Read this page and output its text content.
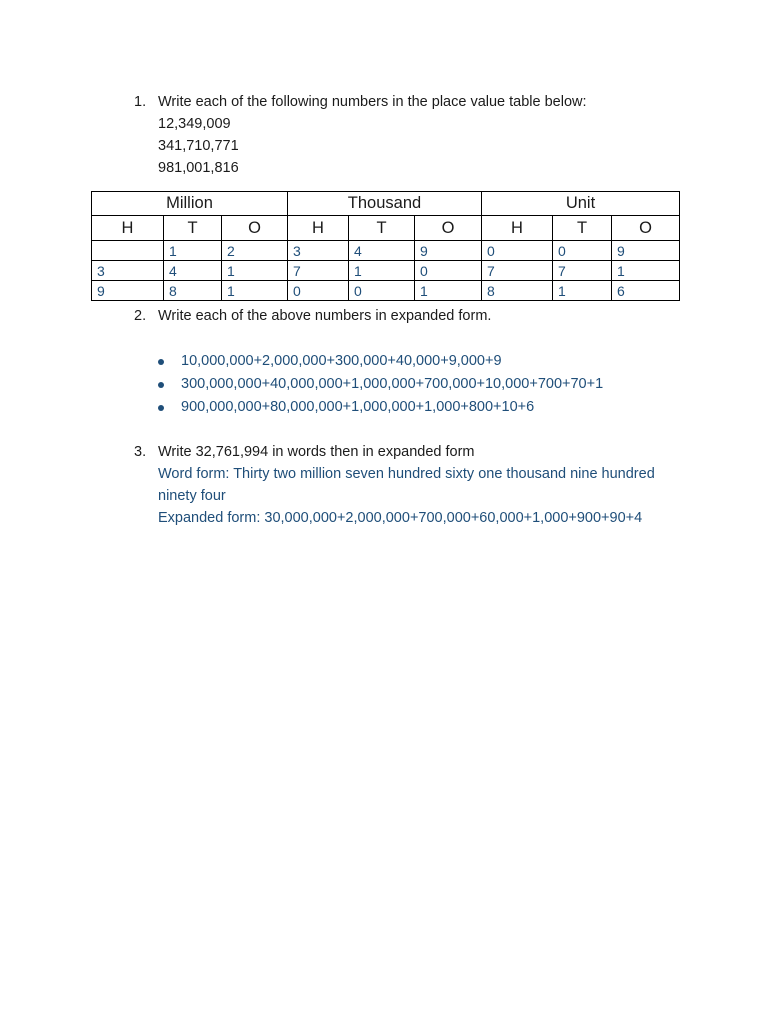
1. Write each of the following numbers in the place value table below:
12,349,009
341,710,771
981,001,816
Million			Thousand			Unit		
H	T	O	H	T	O	H	T	O
	1	2	3	4	9	0	0	9
3	4	1	7	1	0	7	7	1
9	8	1	0	0	1	8	1	6
2. Write each of the above numbers in expanded form.
10,000,000+2,000,000+300,000+40,000+9,000+9
300,000,000+40,000,000+1,000,000+700,000+10,000+700+70+1
900,000,000+80,000,000+1,000,000+1,000+800+10+6
3. Write 32,761,994 in words then in expanded form
Word form: Thirty two million seven hundred sixty one thousand nine hundred
ninety four
Expanded form: 30,000,000+2,000,000+700,000+60,000+1,000+900+90+4
